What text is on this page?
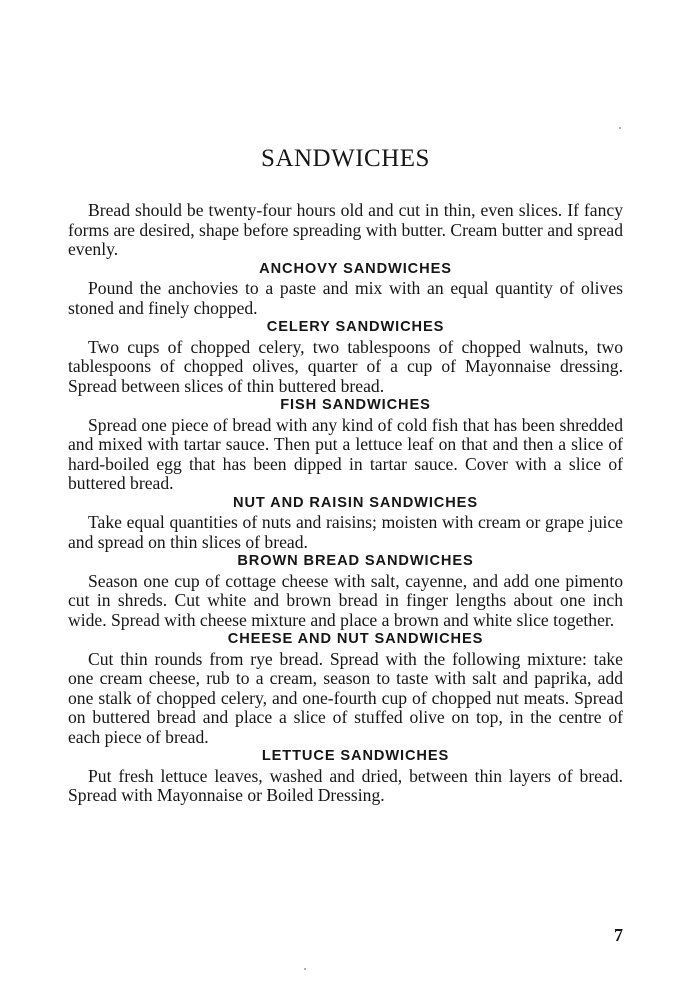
SANDWICHES

Bread should be twenty-four hours old and cut in thin, even slices. If fancy forms are desired, shape before spreading with butter. Cream butter and spread evenly.

ANCHOVY SANDWICHES

Pound the anchovies to a paste and mix with an equal quantity of olives stoned and finely chopped.

CELERY SANDWICHES

Two cups of chopped celery, two tablespoons of chopped walnuts, two tablespoons of chopped olives, quarter of a cup of Mayonnaise dressing. Spread between slices of thin buttered bread.

FISH SANDWICHES

Spread one piece of bread with any kind of cold fish that has been shredded and mixed with tartar sauce. Then put a lettuce leaf on that and then a slice of hard-boiled egg that has been dipped in tartar sauce. Cover with a slice of buttered bread.

NUT AND RAISIN SANDWICHES

Take equal quantities of nuts and raisins; moisten with cream or grape juice and spread on thin slices of bread.

BROWN BREAD SANDWICHES

Season one cup of cottage cheese with salt, cayenne, and add one pimento cut in shreds. Cut white and brown bread in finger lengths about one inch wide. Spread with cheese mixture and place a brown and white slice together.

CHEESE AND NUT SANDWICHES

Cut thin rounds from rye bread. Spread with the following mixture: take one cream cheese, rub to a cream, season to taste with salt and paprika, add one stalk of chopped celery, and one-fourth cup of chopped nut meats. Spread on buttered bread and place a slice of stuffed olive on top, in the centre of each piece of bread.

LETTUCE SANDWICHES

Put fresh lettuce leaves, washed and dried, between thin layers of bread. Spread with Mayonnaise or Boiled Dressing.

7
